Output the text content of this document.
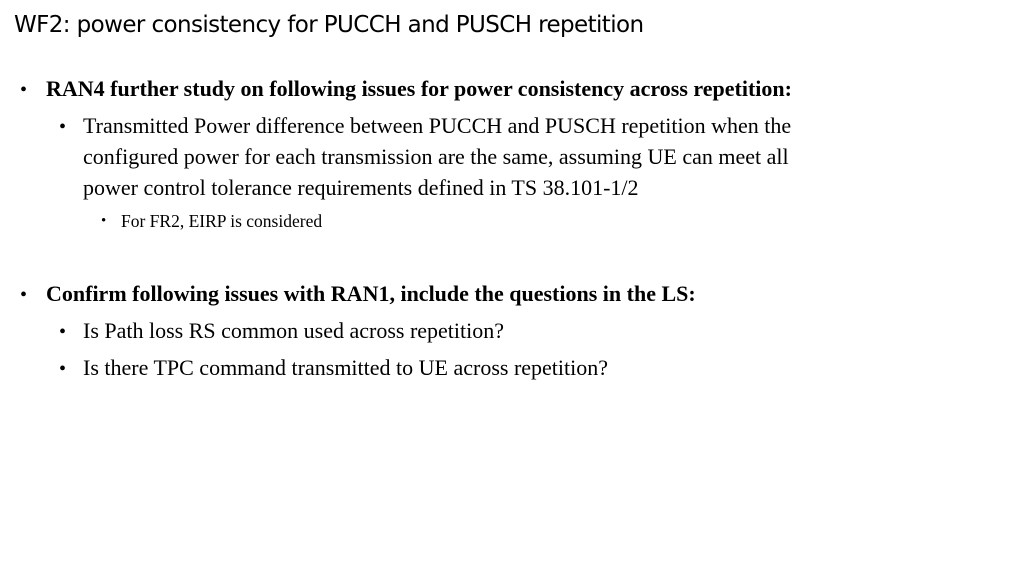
WF2: power consistency for PUCCH and PUSCH repetition
• RAN4 further study on following issues for power consistency across repetition:
• Transmitted Power difference between PUCCH and PUSCH repetition when the
configured power for each transmission are the same, assuming UE can meet all
power control tolerance requirements defined in TS 38.101-1/2
• For FR2, EIRP is considered
• Confirm following issues with RAN1, include the questions in the LS:
• Is Path loss RS common used across repetition?
• Is there TPC command transmitted to UE across repetition?
